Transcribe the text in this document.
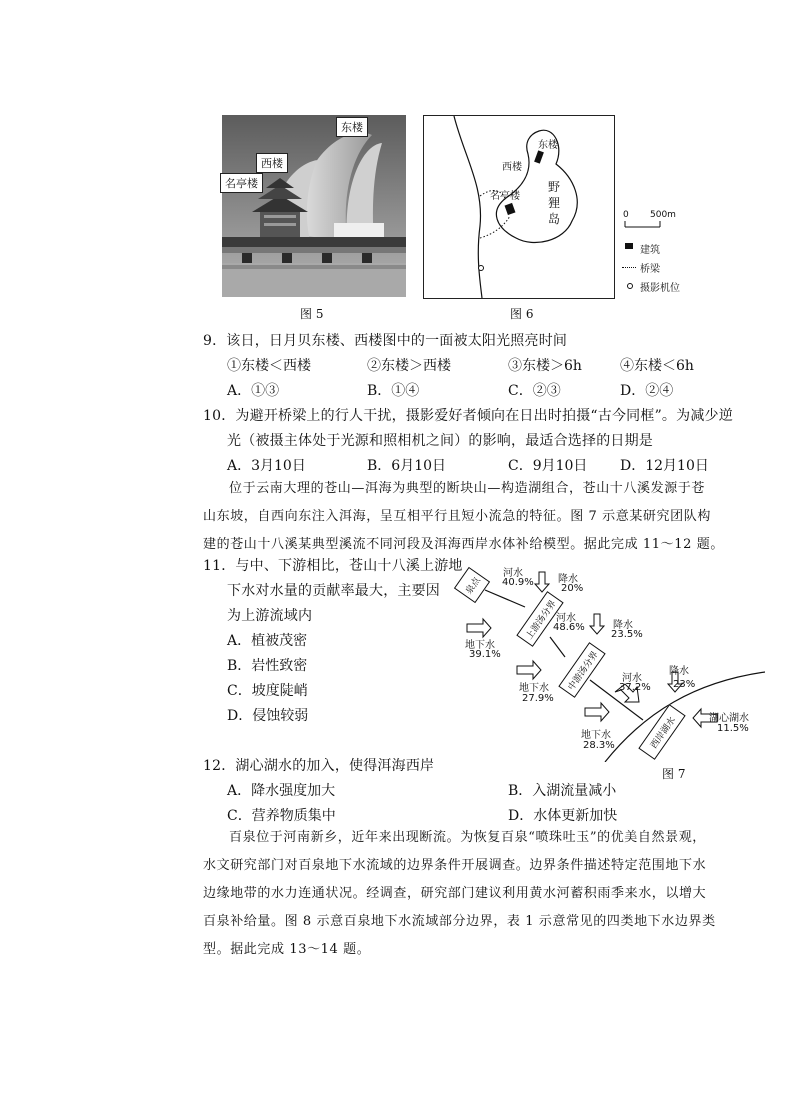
东楼
西楼
名亭楼
图 5
东楼
西楼
名亭楼
野
狸
岛
图 6
0 500m
建筑
桥梁
摄影机位
9．该日，日月贝东楼、西楼图中的一面被太阳光照亮时间
①东楼＜西楼	②东楼＞西楼	③东楼＞6h	④东楼＜6h
A．①③	B．①④	C．②③	D．②④
10．为避开桥梁上的行人干扰，摄影爱好者倾向在日出时拍摄“古今同框”。为减少逆
光（被摄主体处于光源和照相机之间）的影响，最适合选择的日期是
A．3月10日	B．6月10日	C．9月10日 D．12月10日
位于云南大理的苍山—洱海为典型的断块山—构造湖组合，苍山十八溪发源于苍
山东坡，自西向东注入洱海，呈互相平行且短小流急的特征。图 7 示意某研究团队构
建的苍山十八溪某典型溪流不同河段及洱海西岸水体补给模型。据此完成 11～12 题。
11．与中、下游相比，苍山十八溪上游地
下水对水量的贡献率最大，主要因
为上游流域内
A．植被茂密
B．岩性致密
C．坡度陡峭
D．侵蚀较弱
泉点
上游汤分界
中游汤分界
西岸湖水
河水
40.9% 降水
20%
河水
48.6%	降水
23.5%
地下水
39.1%
河水
37.2%
降水
23%
地下水
27.9%
地下水
28.3%
湖心湖水
11.5%
图 7
12．湖心湖水的加入，使得洱海西岸
A．降水强度加大	B．入湖流量减小
C．营养物质集中	D．水体更新加快
百泉位于河南新乡，近年来出现断流。为恢复百泉“喷珠吐玉”的优美自然景观，
水文研究部门对百泉地下水流域的边界条件开展调查。边界条件描述特定范围地下水
边缘地带的水力连通状况。经调查，研究部门建议利用黄水河蓄积雨季来水，以增大
百泉补给量。图 8 示意百泉地下水流域部分边界，表 1 示意常见的四类地下水边界类
型。据此完成 13～14 题。
